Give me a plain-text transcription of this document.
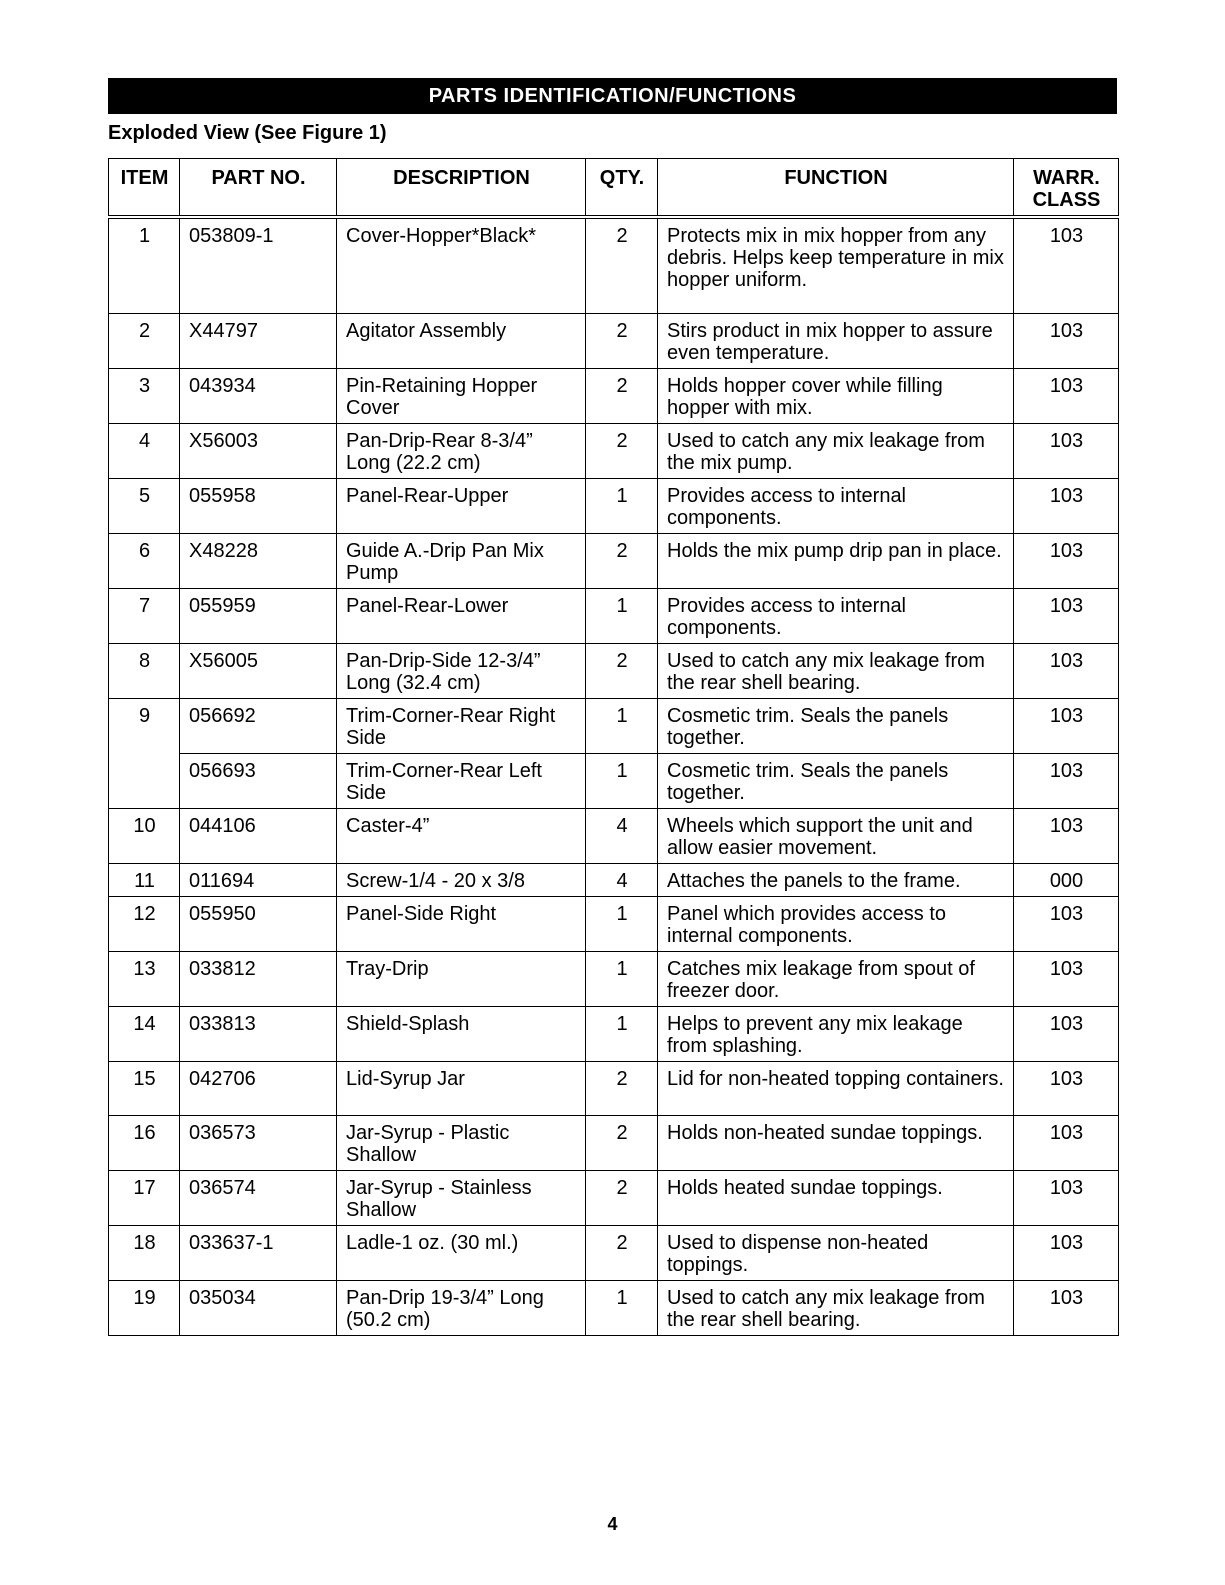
PARTS IDENTIFICATION/FUNCTIONS
Exploded View (See Figure 1)
ITEM	PART NO.	DESCRIPTION	QTY.	FUNCTION	WARR.
CLASS
1	053809-1	Cover-Hopper*Black*	2	Protects mix in mix hopper from any debris. Helps keep temperature in mix hopper uniform.	103
2	X44797	Agitator Assembly	2	Stirs product in mix hopper to assure even temperature.	103
3	043934	Pin-Retaining Hopper Cover	2	Holds hopper cover while filling hopper with mix.	103
4	X56003	Pan-Drip-Rear 8-3/4” Long (22.2 cm)	2	Used to catch any mix leakage from the mix pump.	103
5	055958	Panel-Rear-Upper	1	Provides access to internal components.	103
6	X48228	Guide A.-Drip Pan Mix Pump	2	Holds the mix pump drip pan in place.	103
7	055959	Panel-Rear-Lower	1	Provides access to internal components.	103
8	X56005	Pan-Drip-Side 12-3/4” Long (32.4 cm)	2	Used to catch any mix leakage from the rear shell bearing.	103
9	056692	Trim-Corner-Rear Right Side	1	Cosmetic trim. Seals the panels together.	103
	056693	Trim-Corner-Rear Left Side	1	Cosmetic trim. Seals the panels together.	103
10	044106	Caster-4”	4	Wheels which support the unit and allow easier movement.	103
11	011694	Screw-1/4 - 20 x 3/8	4	Attaches the panels to the frame.	000
12	055950	Panel-Side Right	1	Panel which provides access to internal components.	103
13	033812	Tray-Drip	1	Catches mix leakage from spout of freezer door.	103
14	033813	Shield-Splash	1	Helps to prevent any mix leakage from splashing.	103
15	042706	Lid-Syrup Jar	2	Lid for non-heated topping containers.	103
16	036573	Jar-Syrup - Plastic Shallow	2	Holds non-heated sundae toppings.	103
17	036574	Jar-Syrup - Stainless Shallow	2	Holds heated sundae toppings.	103
18	033637-1	Ladle-1 oz. (30 ml.)	2	Used to dispense non-heated toppings.	103
19	035034	Pan-Drip 19-3/4” Long (50.2 cm)	1	Used to catch any mix leakage from the rear shell bearing.	103
4
